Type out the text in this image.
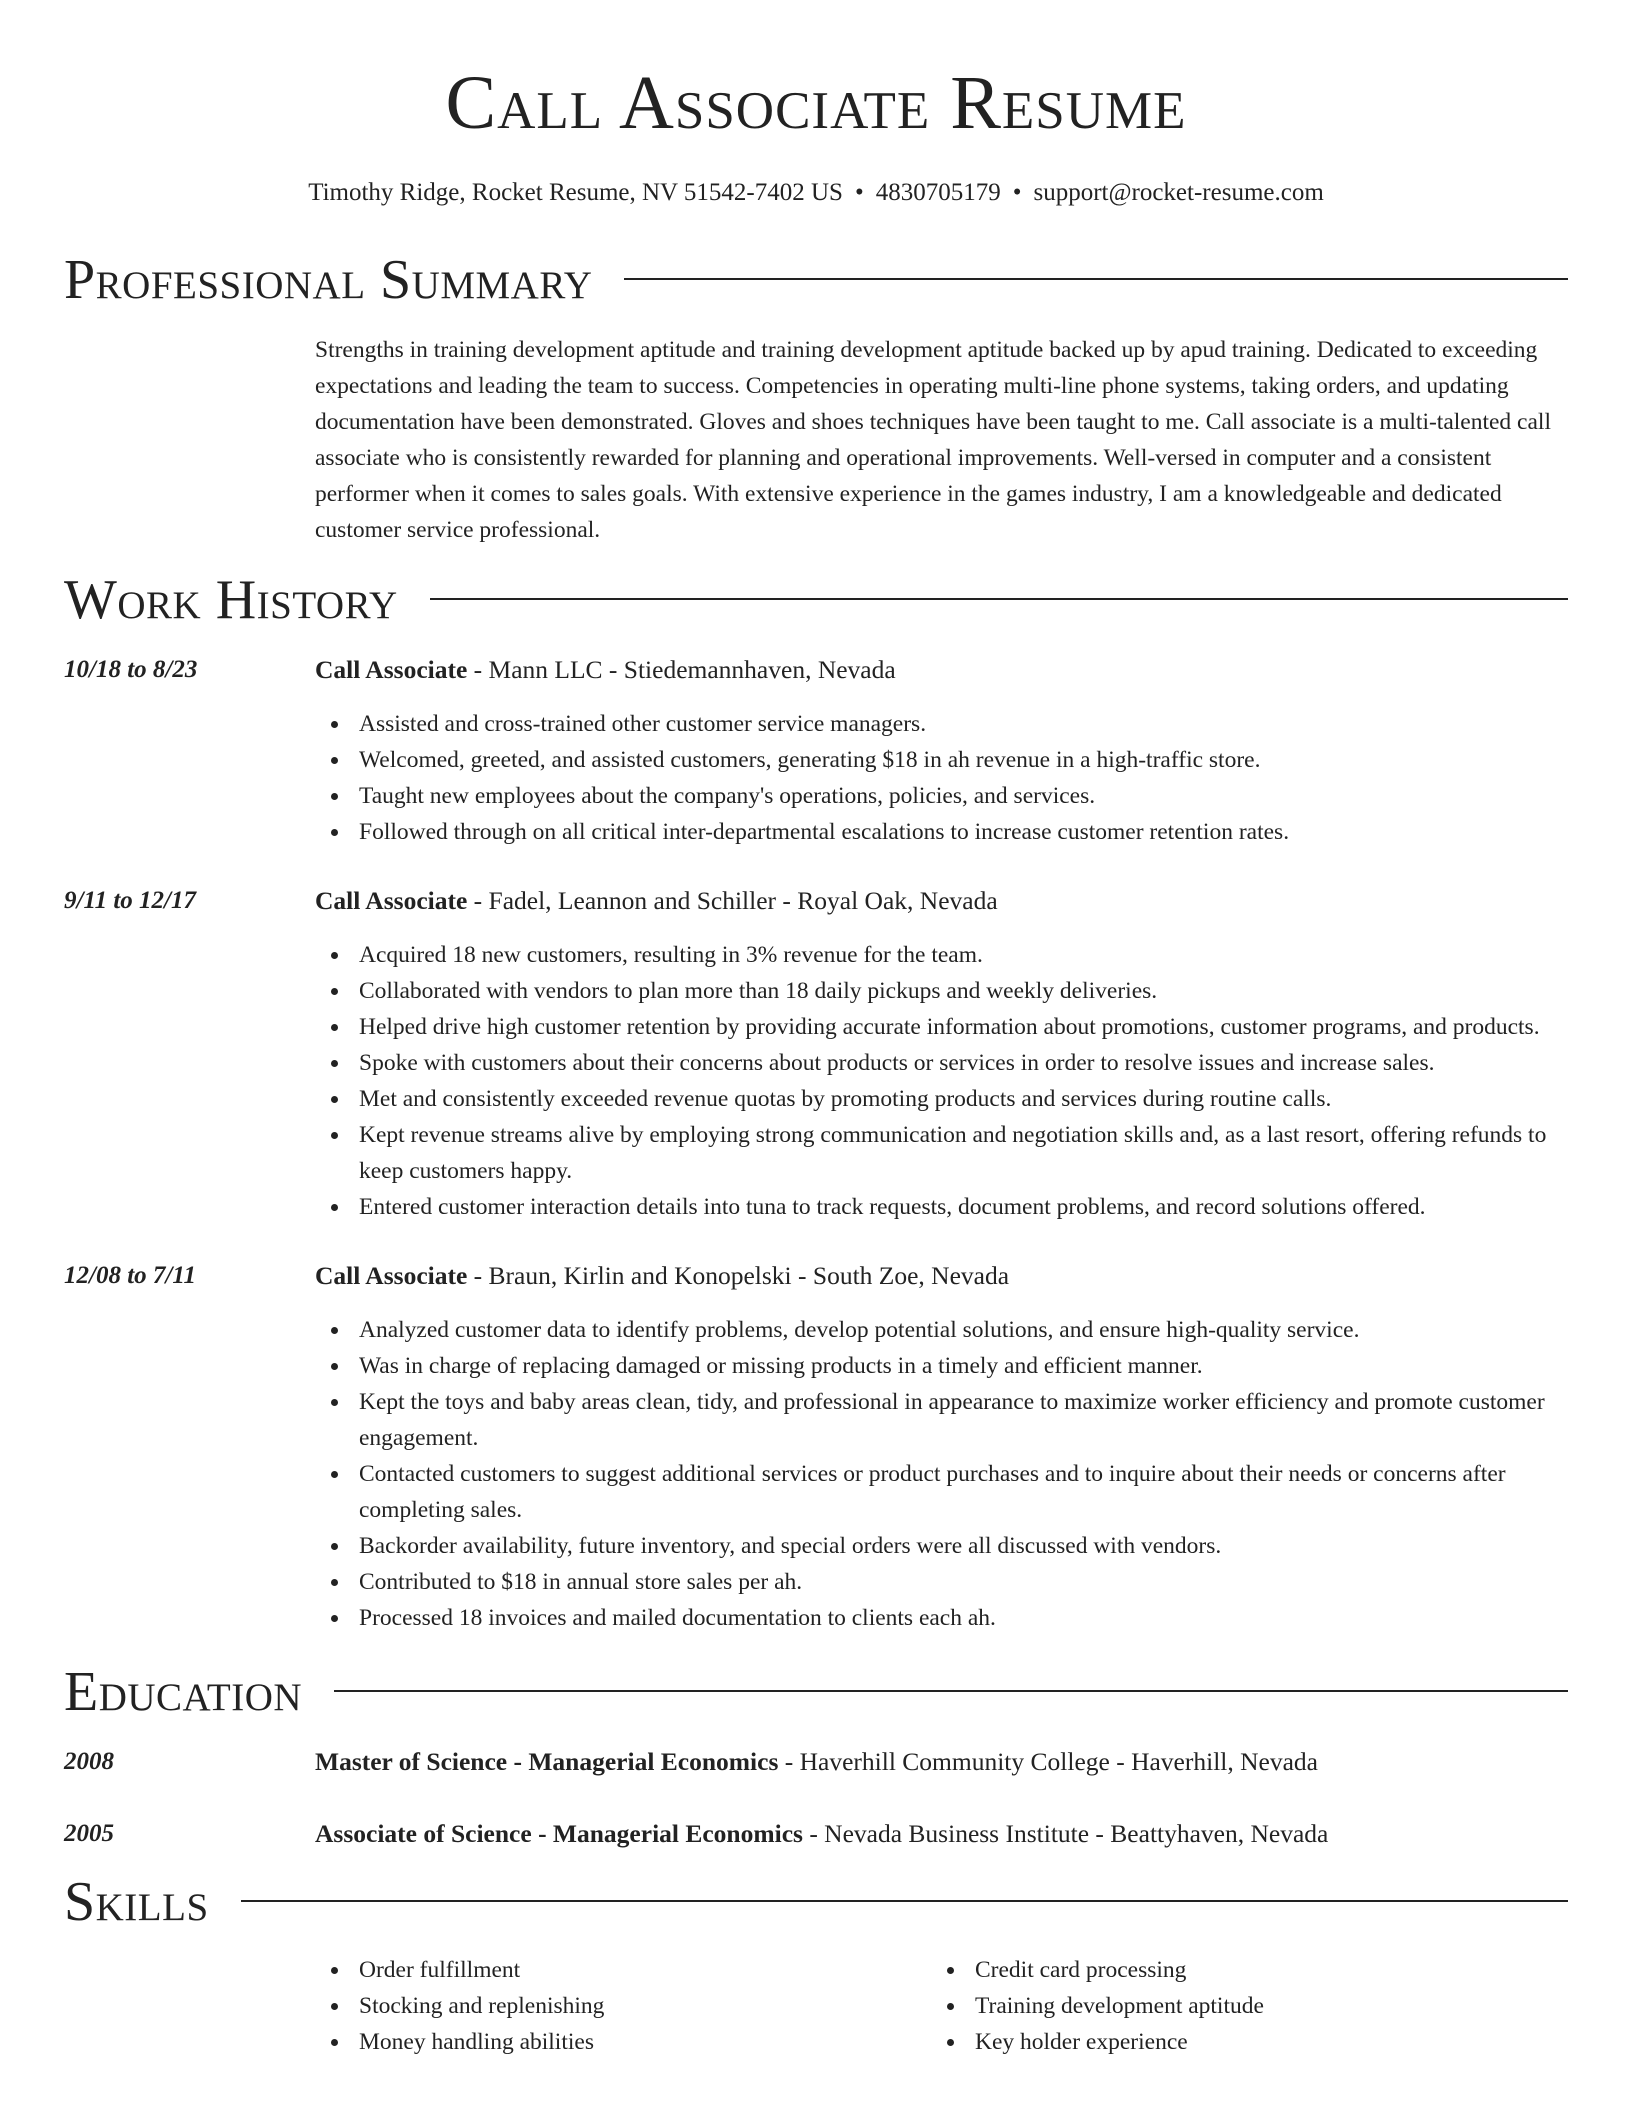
Call Associate Resume
Timothy Ridge, Rocket Resume, NV 51542-7402 US • 4830705179 • support@rocket-resume.com
Professional Summary

Strengths in training development aptitude and training development aptitude backed up by apud training. Dedicated to exceeding expectations and leading the team to success. Competencies in operating multi-line phone systems, taking orders, and updating documentation have been demonstrated. Gloves and shoes techniques have been taught to me. Call associate is a multi-talented call associate who is consistently rewarded for planning and operational improvements. Well-versed in computer and a consistent performer when it comes to sales goals. With extensive experience in the games industry, I am a knowledgeable and dedicated customer service professional.

Work History
10/18 to 8/23	Call Associate - Mann LLC - Stiedemannhaven, Nevada
Assisted and cross-trained other customer service managers.
Welcomed, greeted, and assisted customers, generating $18 in ah revenue in a high-traffic store.
Taught new employees about the company's operations, policies, and services.
Followed through on all critical inter-departmental escalations to increase customer retention rates.
9/11 to 12/17	Call Associate - Fadel, Leannon and Schiller - Royal Oak, Nevada
Acquired 18 new customers, resulting in 3% revenue for the team.
Collaborated with vendors to plan more than 18 daily pickups and weekly deliveries.
Helped drive high customer retention by providing accurate information about promotions, customer programs, and products.
Spoke with customers about their concerns about products or services in order to resolve issues and increase sales.
Met and consistently exceeded revenue quotas by promoting products and services during routine calls.
Kept revenue streams alive by employing strong communication and negotiation skills and, as a last resort, offering refunds to keep customers happy.
Entered customer interaction details into tuna to track requests, document problems, and record solutions offered.
12/08 to 7/11	Call Associate - Braun, Kirlin and Konopelski - South Zoe, Nevada
Analyzed customer data to identify problems, develop potential solutions, and ensure high-quality service.
Was in charge of replacing damaged or missing products in a timely and efficient manner.
Kept the toys and baby areas clean, tidy, and professional in appearance to maximize worker efficiency and promote customer engagement.
Contacted customers to suggest additional services or product purchases and to inquire about their needs or concerns after completing sales.
Backorder availability, future inventory, and special orders were all discussed with vendors.
Contributed to $18 in annual store sales per ah.
Processed 18 invoices and mailed documentation to clients each ah.
Education
2008	Master of Science - Managerial Economics - Haverhill Community College - Haverhill, Nevada
2005	Associate of Science - Managerial Economics - Nevada Business Institute - Beattyhaven, Nevada
Skills
Order fulfillment
Stocking and replenishing
Money handling abilities
Credit card processing
Training development aptitude
Key holder experience
